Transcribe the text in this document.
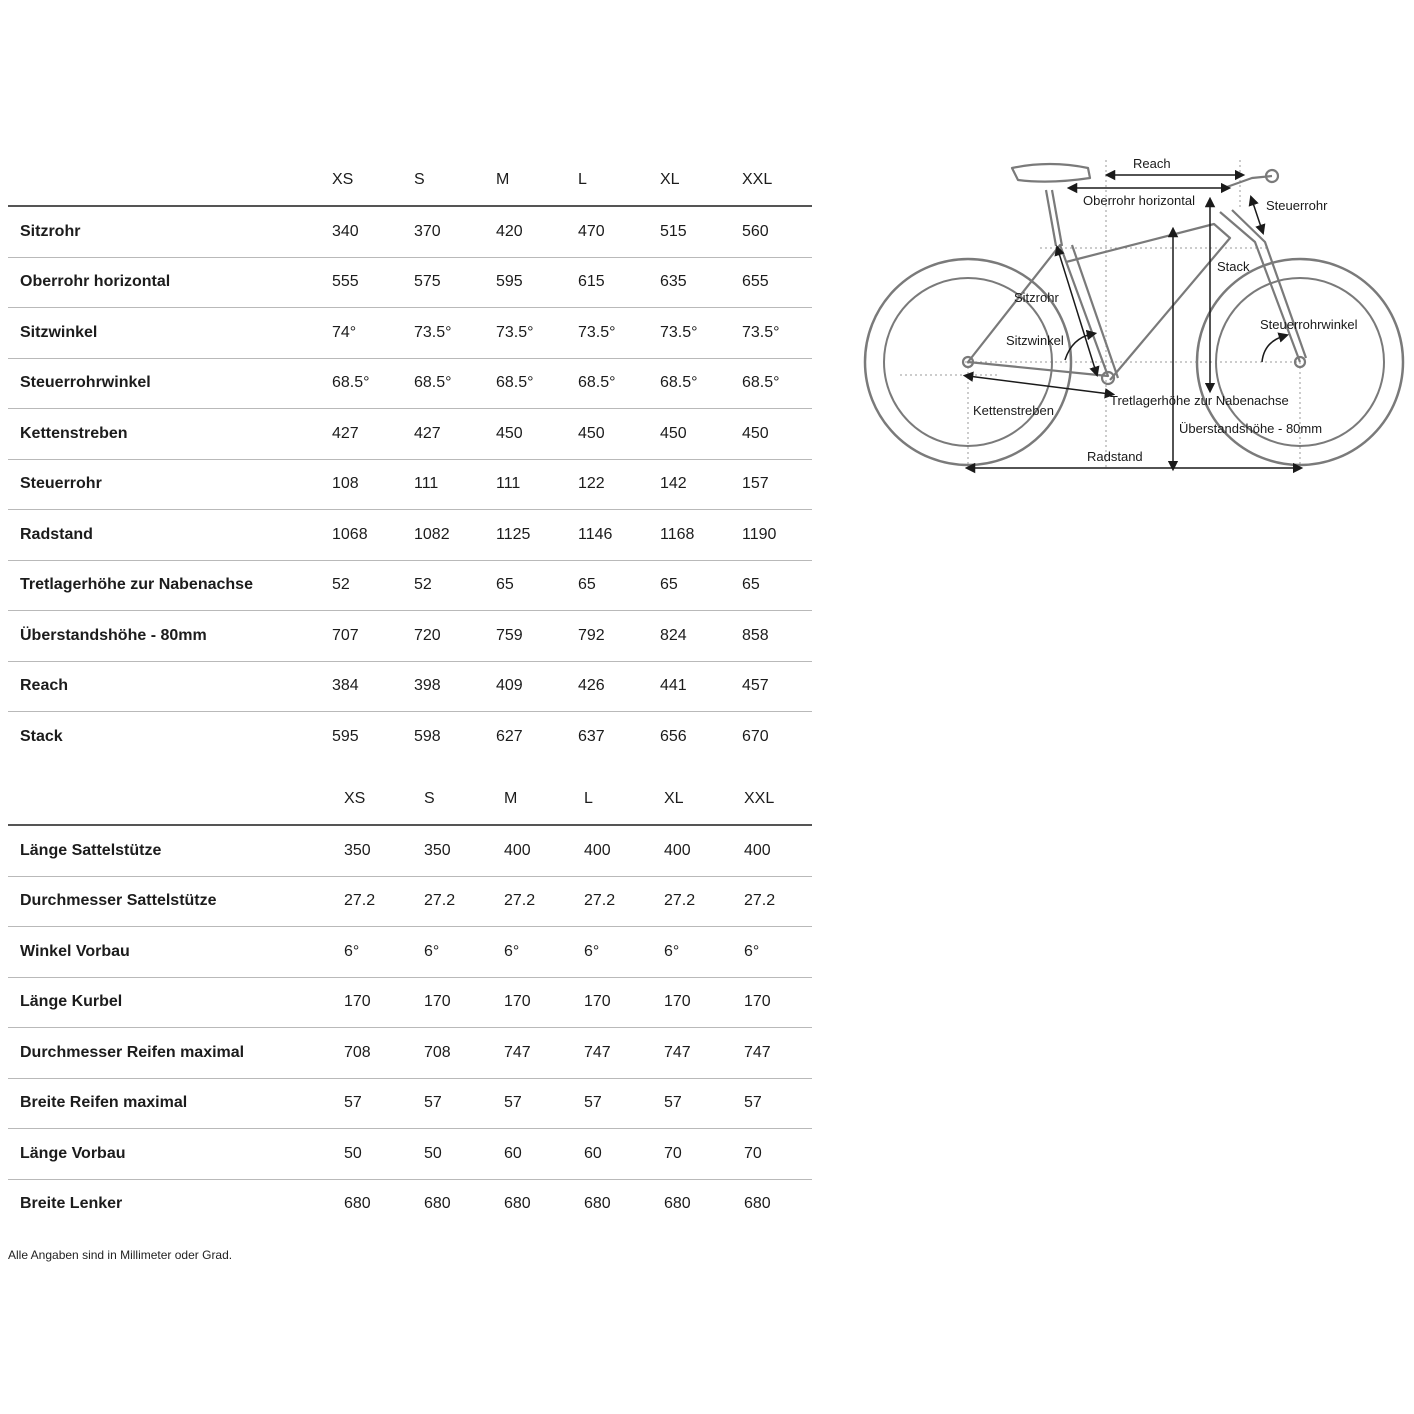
	XS	S	M	L	XL	XXL
Sitzrohr	340	370	420	470	515	560
Oberrohr horizontal	555	575	595	615	635	655
Sitzwinkel	74°	73.5°	73.5°	73.5°	73.5°	73.5°
Steuerrohrwinkel	68.5°	68.5°	68.5°	68.5°	68.5°	68.5°
Kettenstreben	427	427	450	450	450	450
Steuerrohr	108	111	111	122	142	157
Radstand	1068	1082	1125	1146	1168	1190
Tretlagerhöhe zur Nabenachse	52	52	65	65	65	65
Überstandshöhe - 80mm	707	720	759	792	824	858
Reach	384	398	409	426	441	457
Stack	595	598	627	637	656	670
	XS	S	M	L	XL	XXL
Länge Sattelstütze	350	350	400	400	400	400
Durchmesser Sattelstütze	27.2	27.2	27.2	27.2	27.2	27.2
Winkel Vorbau	6°	6°	6°	6°	6°	6°
Länge Kurbel	170	170	170	170	170	170
Durchmesser Reifen maximal	708	708	747	747	747	747
Breite Reifen maximal	57	57	57	57	57	57
Länge Vorbau	50	50	60	60	70	70
Breite Lenker	680	680	680	680	680	680
Alle Angaben sind in Millimeter oder Grad.
Reach
Oberrohr horizontal	Steuerrohr
Stack
Sitzrohr
Steuerrohrwinkel
Sitzwinkel
Tretlagerhöhe zur Nabenachse
Kettenstreben
Überstandshöhe - 80mm
Radstand
